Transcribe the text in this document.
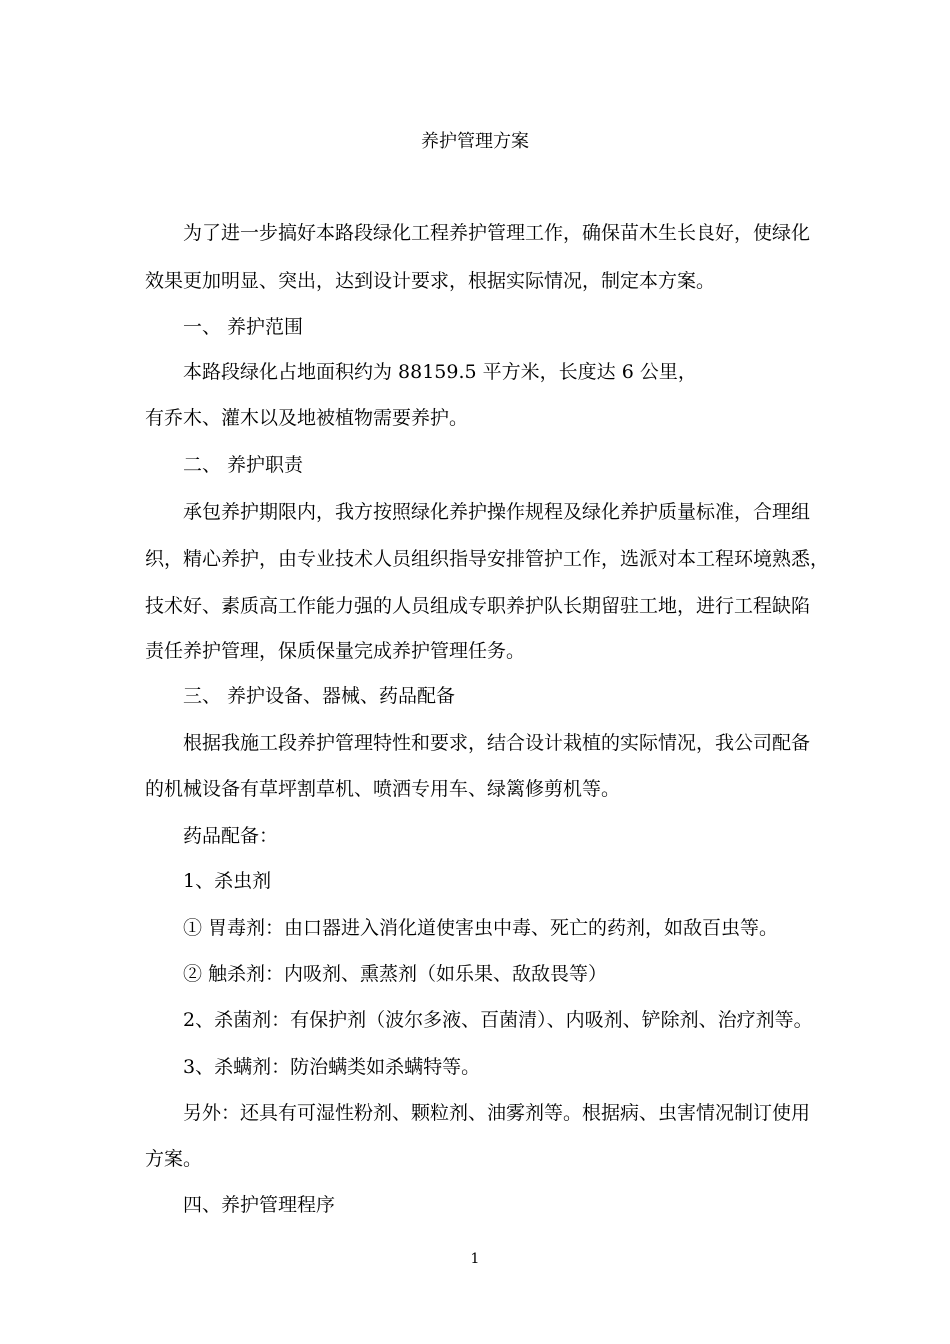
养护管理方案
为了进一步搞好本路段绿化工程养护管理工作，确保苗木生长良好，使绿化
效果更加明显、突出，达到设计要求，根据实际情况，制定本方案。
一、 养护范围
本路段绿化占地面积约为 88159.5 平方米，长度达 6 公里，
有乔木、灌木以及地被植物需要养护。
二、 养护职责
承包养护期限内，我方按照绿化养护操作规程及绿化养护质量标准，合理组
织，精心养护，由专业技术人员组织指导安排管护工作，选派对本工程环境熟悉，
技术好、素质高工作能力强的人员组成专职养护队长期留驻工地，进行工程缺陷
责任养护管理，保质保量完成养护管理任务。
三、 养护设备、器械、药品配备
根据我施工段养护管理特性和要求，结合设计栽植的实际情况，我公司配备
的机械设备有草坪割草机、喷洒专用车、绿篱修剪机等。
药品配备：
1、杀虫剂
① 胃毒剂：由口器进入消化道使害虫中毒、死亡的药剂，如敌百虫等。
② 触杀剂：内吸剂、熏蒸剂（如乐果、敌敌畏等）
2、杀菌剂：有保护剂（波尔多液、百菌清）、内吸剂、铲除剂、治疗剂等。
3、杀螨剂：防治螨类如杀螨特等。
另外：还具有可湿性粉剂、颗粒剂、油雾剂等。根据病、虫害情况制订使用
方案。
四、养护管理程序
1
